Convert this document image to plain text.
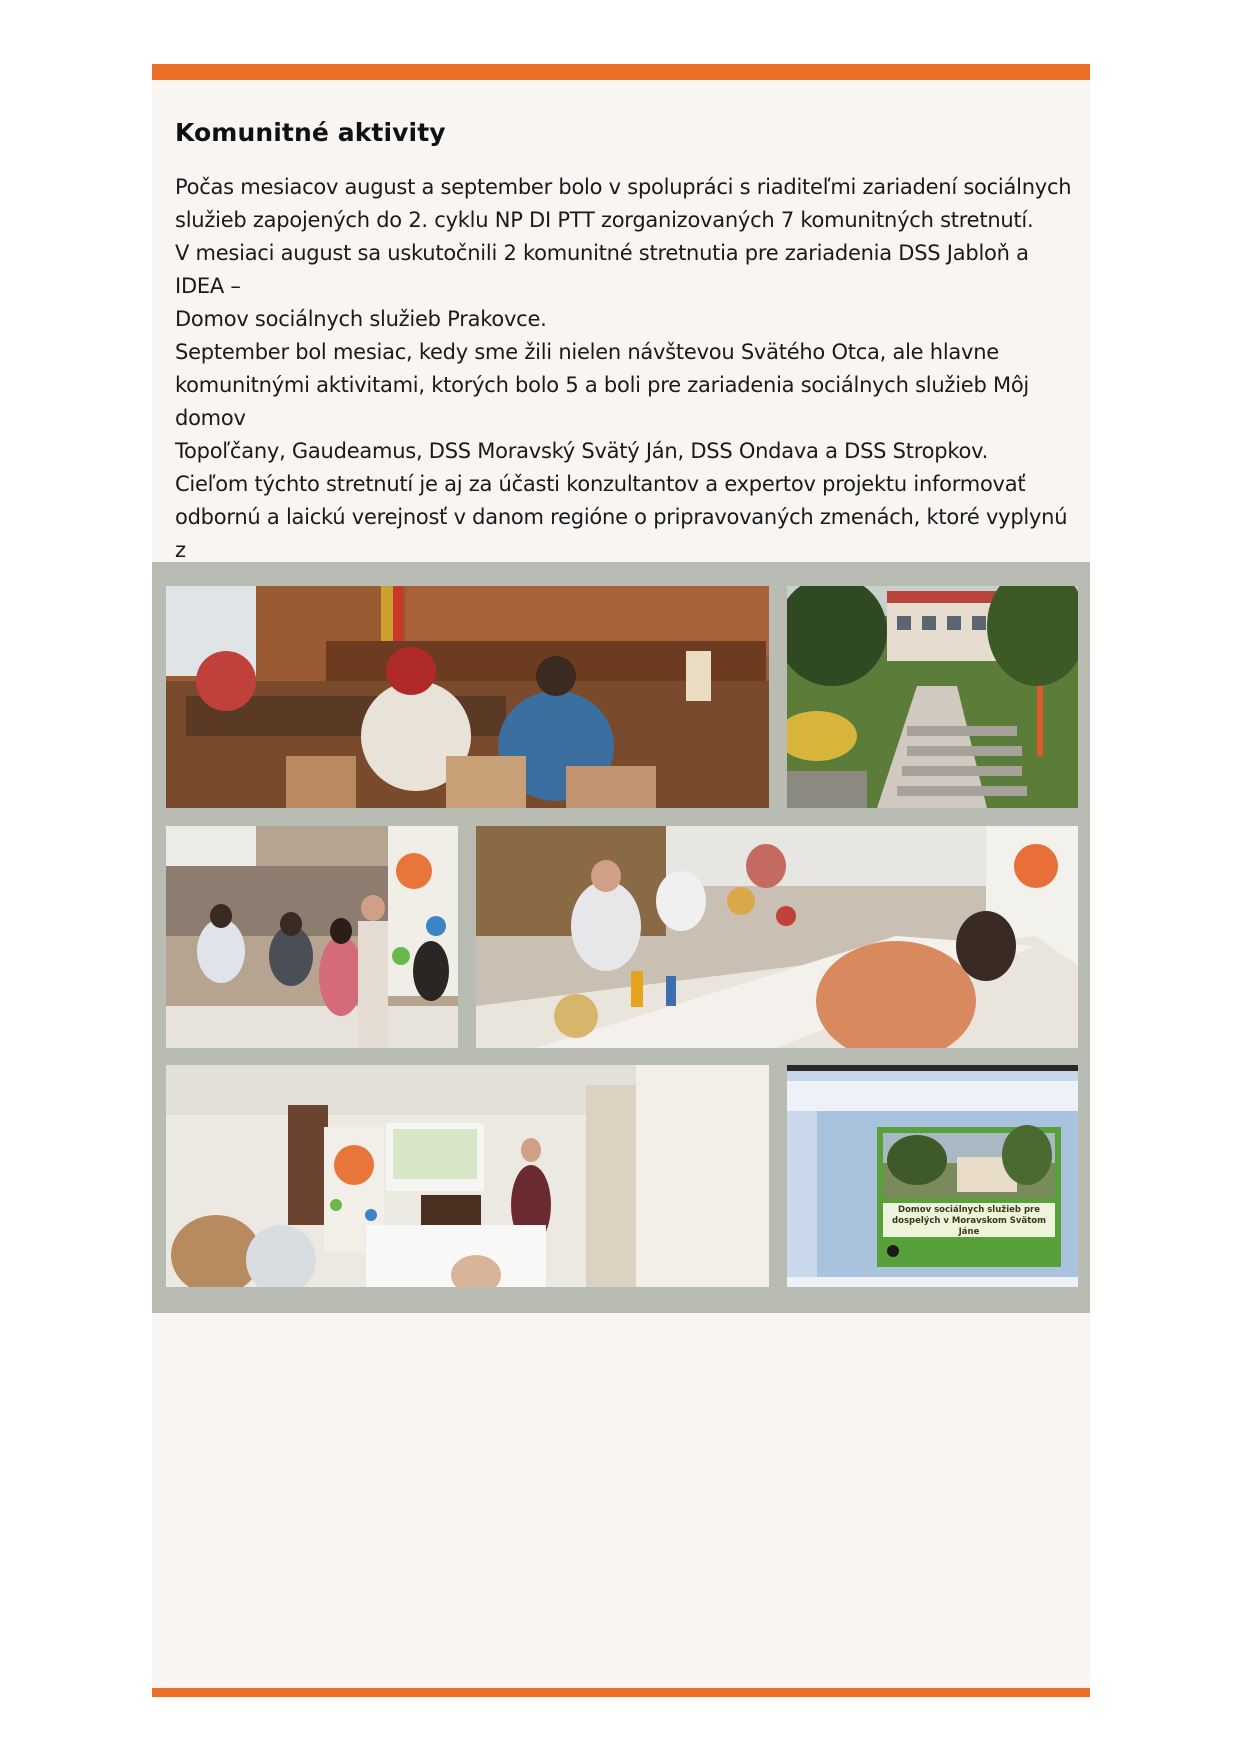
Komunitné aktivity

Počas mesiacov august a september bolo v spolupráci s riaditeľmi zariadení sociálnych

služieb zapojených do 2. cyklu NP DI PTT zorganizovaných 7 komunitných stretnutí.

V mesiaci august sa uskutočnili 2 komunitné stretnutia pre zariadenia DSS Jabloň a IDEA –

Domov sociálnych služieb Prakovce.

September bol mesiac, kedy sme žili nielen návštevou Svätého Otca, ale hlavne

komunitnými aktivitami, ktorých bolo 5 a boli pre zariadenia sociálnych služieb Môj domov

Topoľčany, Gaudeamus, DSS Moravský Svätý Ján, DSS Ondava a DSS Stropkov.

Cieľom týchto stretnutí je aj za účasti konzultantov a expertov projektu informovať

odbornú a laickú verejnosť v danom regióne o pripravovaných zmenách, ktoré vyplynú z

Domov sociálnych služieb pre dospelých v Moravskom Svätom Jáne
